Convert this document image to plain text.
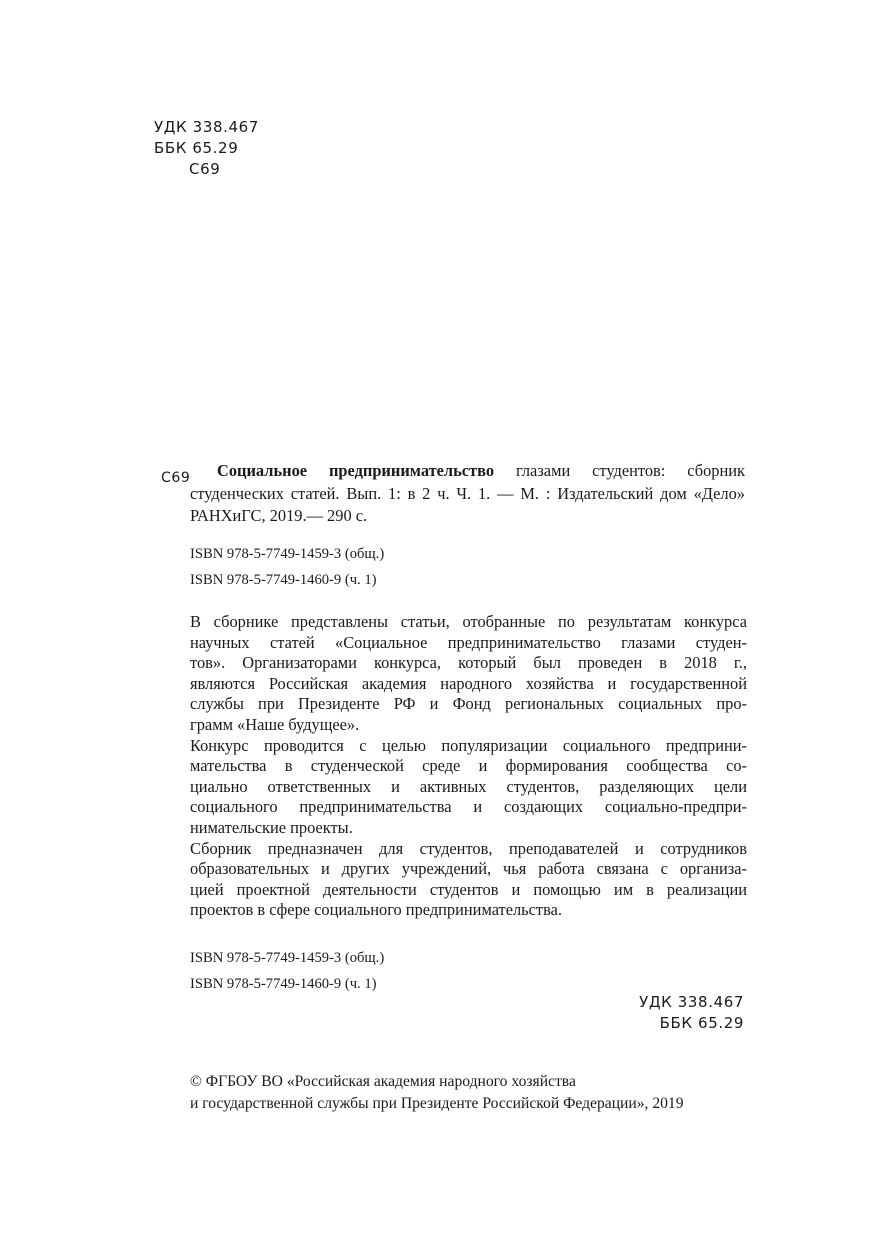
УДК 338.467
ББК 65.29
С69
С69	Социальное предпринимательство глазами студентов: сборник студенческих статей. Вып. 1: в 2 ч. Ч. 1. — М. : Издательский дом «Дело» РАНХиГС, 2019.— 290 с.
ISBN 978-5-7749-1459-3 (общ.)
ISBN 978-5-7749-1460-9 (ч. 1)

В сборнике представлены статьи, отобранные по результатам конкурса

научных статей «Социальное предпринимательство глазами студен-

тов». Организаторами конкурса, который был проведен в 2018 г.,

являются Российская академия народного хозяйства и государственной

службы при Президенте РФ и Фонд региональных социальных про-

грамм «Наше будущее».

Конкурс проводится с целью популяризации социального предприни-

мательства в студенческой среде и формирования сообщества со-

циально ответственных и активных студентов, разделяющих цели

социального предпринимательства и создающих социально-предпри-

нимательские проекты.

Сборник предназначен для студентов, преподавателей и сотрудников

образовательных и других учреждений, чья работа связана с организа-

цией проектной деятельности студентов и помощью им в реализации

проектов в сфере социального предпринимательства.

ISBN 978-5-7749-1459-3 (общ.)
ISBN 978-5-7749-1460-9 (ч. 1)
УДК 338.467
ББК 65.29
© ФГБОУ ВО «Российская академия народного хозяйства
и государственной службы при Президенте Российской Федерации», 2019
